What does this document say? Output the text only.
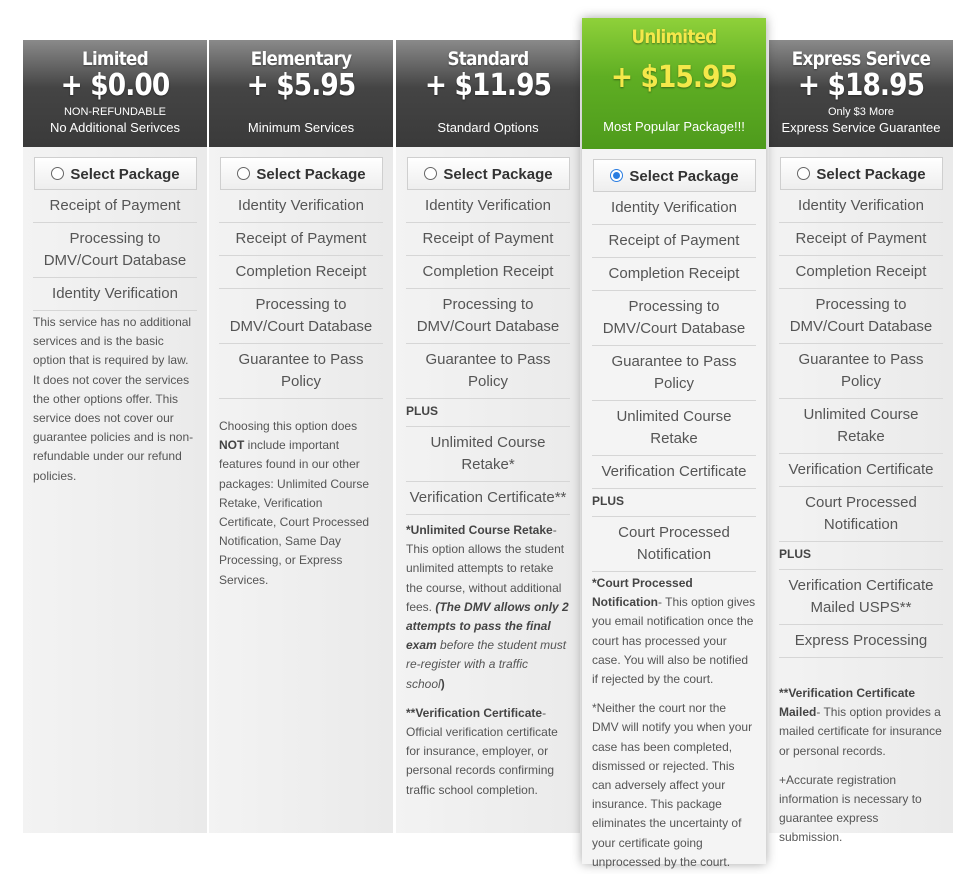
Limited
+ $0.00
NON-REFUNDABLE
No Additional Serivces
Select Package
Receipt of Payment
Processing to DMV/Court Database
Identity Verification
This service has no additional services and is the basic option that is required by law. It does not cover the services the other options offer. This service does not cover our guarantee policies and is non-refundable under our refund policies.
Elementary
+ $5.95
Minimum Services
Select Package
Identity Verification
Receipt of Payment
Completion Receipt
Processing to DMV/Court Database
Guarantee to Pass Policy
Choosing this option does NOT include important features found in our other packages: Unlimited Course Retake, Verification Certificate, Court Processed Notification, Same Day Processing, or Express Services.
Standard
+ $11.95
Standard Options
Select Package
Identity Verification
Receipt of Payment
Completion Receipt
Processing to DMV/Court Database
Guarantee to Pass Policy
PLUS
Unlimited Course Retake*
Verification Certificate**

*Unlimited Course Retake- This option allows the student unlimited attempts to retake the course, without additional fees. (The DMV allows only 2 attempts to pass the final exam before the student must re-register with a traffic school)

**Verification Certificate- Official verification certificate for insurance, employer, or personal records confirming traffic school completion.

Unlimited
+ $15.95
Most Popular Package!!!
Select Package
Identity Verification
Receipt of Payment
Completion Receipt
Processing to DMV/Court Database
Guarantee to Pass Policy
Unlimited Course Retake
Verification Certificate
PLUS
Court Processed Notification

*Court Processed Notification- This option gives you email notification once the court has processed your case. You will also be notified if rejected by the court.

*Neither the court nor the DMV will notify you when your case has been completed, dismissed or rejected. This can adversely affect your insurance. This package eliminates the uncertainty of your certificate going unprocessed by the court.

Express Serivce
+ $18.95
Only $3 More
Express Service Guarantee
Select Package
Identity Verification
Receipt of Payment
Completion Receipt
Processing to DMV/Court Database
Guarantee to Pass Policy
Unlimited Course Retake
Verification Certificate
Court Processed Notification
PLUS
Verification Certificate Mailed USPS**
Express Processing

**Verification Certificate Mailed- This option provides a mailed certificate for insurance or personal records.

+Accurate registration information is necessary to guarantee express submission.
